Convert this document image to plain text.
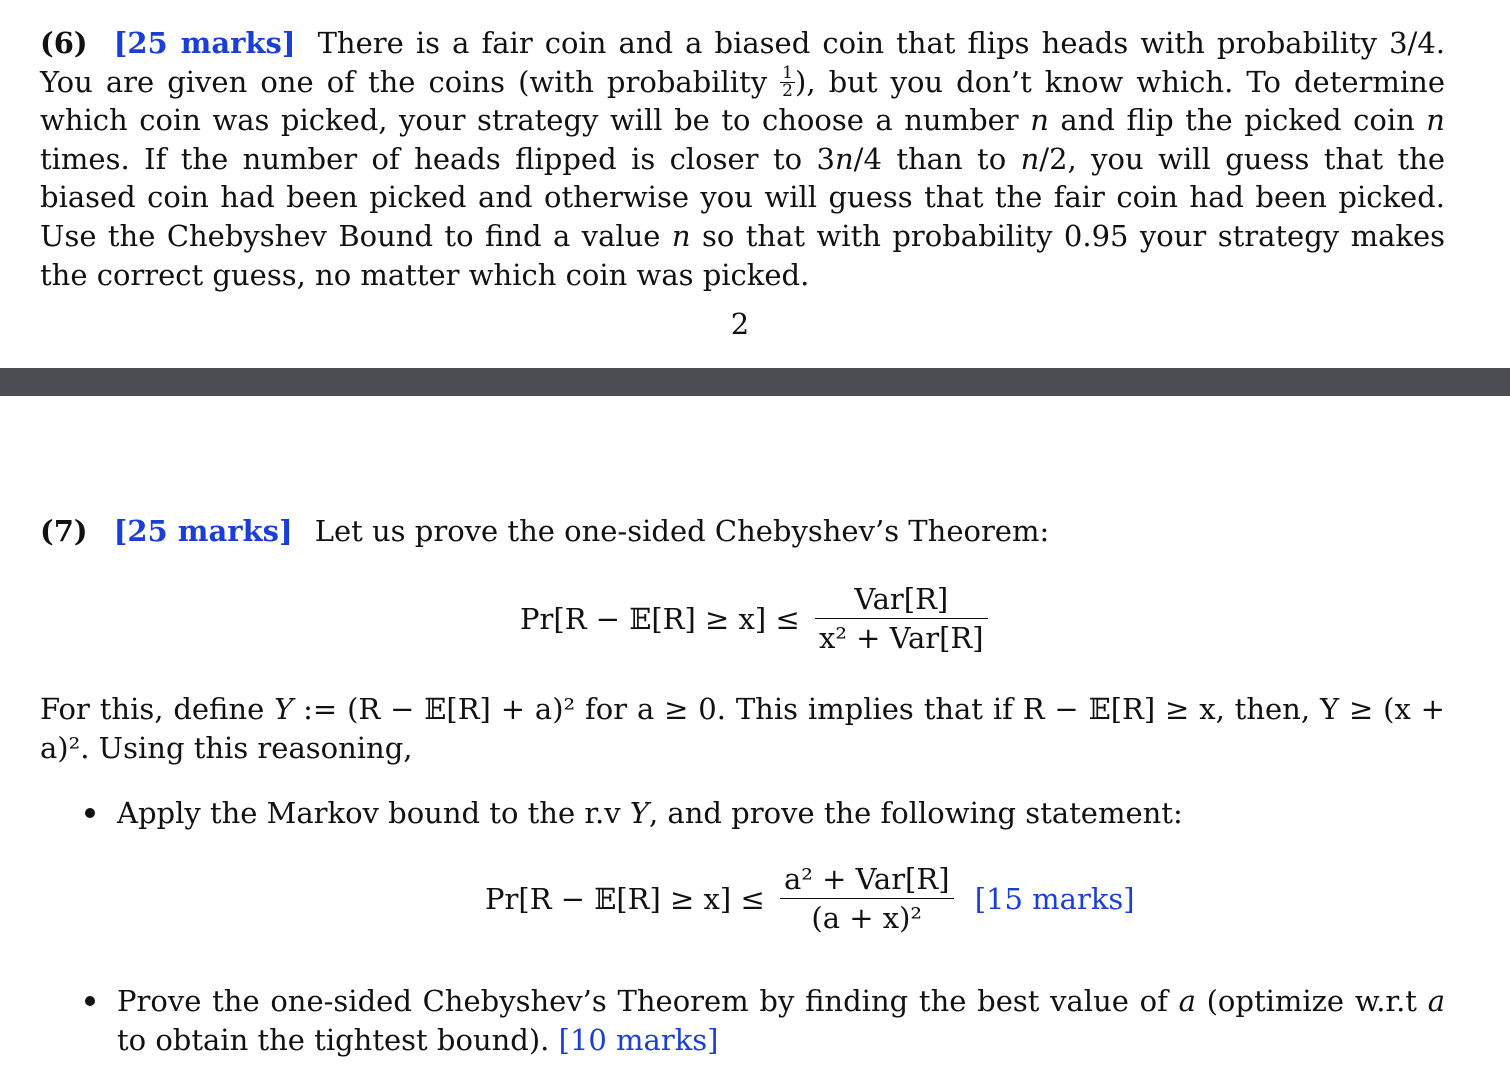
(6) [25 marks] There is a fair coin and a biased coin that flips heads with probability 3/4. You are given one of the coins (with probability $\frac{1}{2}$ ), but you don’t know which. To determine which coin was picked, your strategy will be to choose a number n and flip the picked coin n times. If the number of heads flipped is closer to 3n/4 than to n/2, you will guess that the biased coin had been picked and otherwise you will guess that the fair coin had been picked. Use the Chebyshev Bound to find a value n so that with probability 0.95 your strategy makes the correct guess, no matter which coin was picked.
2
(7) [25 marks] Let us prove the one-sided Chebyshev’s Theorem:
Pr[R − 𝔼[R] ≥ $x] \le \frac{\text{Var[R]}}{\text{x² + Var[R]}}$
For this, define Y := (R − 𝔼[R] + a)² for a ≥ 0. This implies that if R − 𝔼[R] ≥ x, then, Y ≥ (x + a)². Using this reasoning,
Apply the Markov bound to the r.v Y, and prove the following statement:
Pr[R − 𝔼[R] ≥ $x] \le \frac{\text{a² + Var[R]}}{\text{(a + x)²}} [15$ marks]
Prove the one-sided Chebyshev’s Theorem by finding the best value of a (optimize w.r.t a to obtain the tightest bound). [10 marks]
